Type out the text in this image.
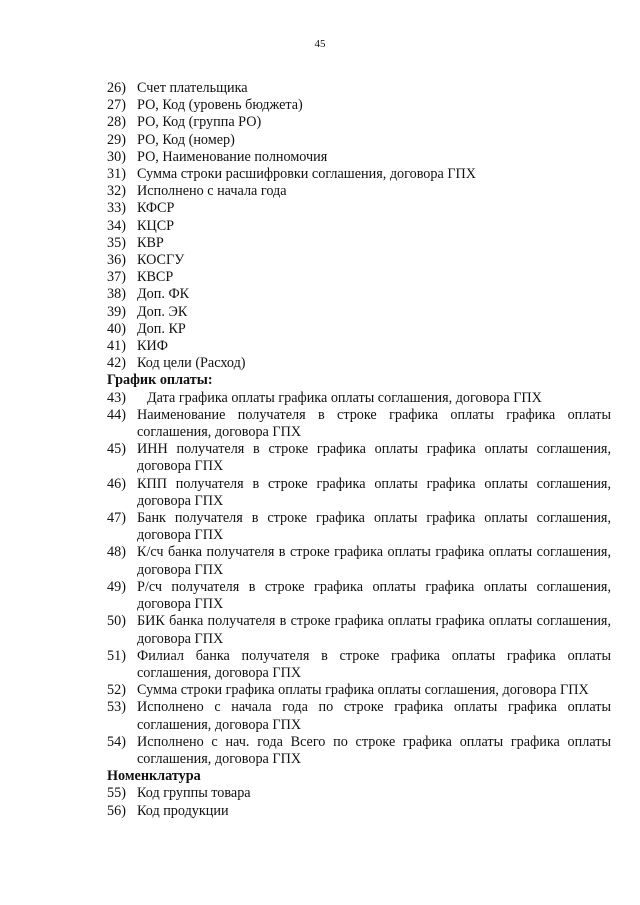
45
26) Счет плательщика
27) РО, Код (уровень бюджета)
28) РО, Код (группа РО)
29) РО, Код (номер)
30) РО, Наименование полномочия
31) Сумма строки расшифровки соглашения, договора ГПХ
32) Исполнено с начала года
33) КФСР
34) КЦСР
35) КВР
36) КОСГУ
37) КВСР
38) Доп. ФК
39) Доп. ЭК
40) Доп. КР
41) КИФ
42) Код цели (Расход)
График оплаты:
43)	Дата графика оплаты графика оплаты соглашения, договора ГПХ
44) Наименование получателя в строке графика оплаты графика оплаты соглашения, договора ГПХ
45) ИНН получателя в строке графика оплаты графика оплаты соглашения, договора ГПХ
46) КПП получателя в строке графика оплаты графика оплаты соглашения, договора ГПХ
47) Банк получателя в строке графика оплаты графика оплаты соглашения, договора ГПХ
48) К/сч банка получателя в строке графика оплаты графика оплаты соглашения, договора ГПХ
49) Р/сч получателя в строке графика оплаты графика оплаты соглашения, договора ГПХ
50) БИК банка получателя в строке графика оплаты графика оплаты соглашения, договора ГПХ
51) Филиал банка получателя в строке графика оплаты графика оплаты соглашения, договора ГПХ
52) Сумма строки графика оплаты графика оплаты соглашения, договора ГПХ
53) Исполнено с начала года по строке графика оплаты графика оплаты соглашения, договора ГПХ
54) Исполнено с нач. года Всего по строке графика оплаты графика оплаты соглашения, договора ГПХ
Номенклатура
55) Код группы товара
56) Код продукции
